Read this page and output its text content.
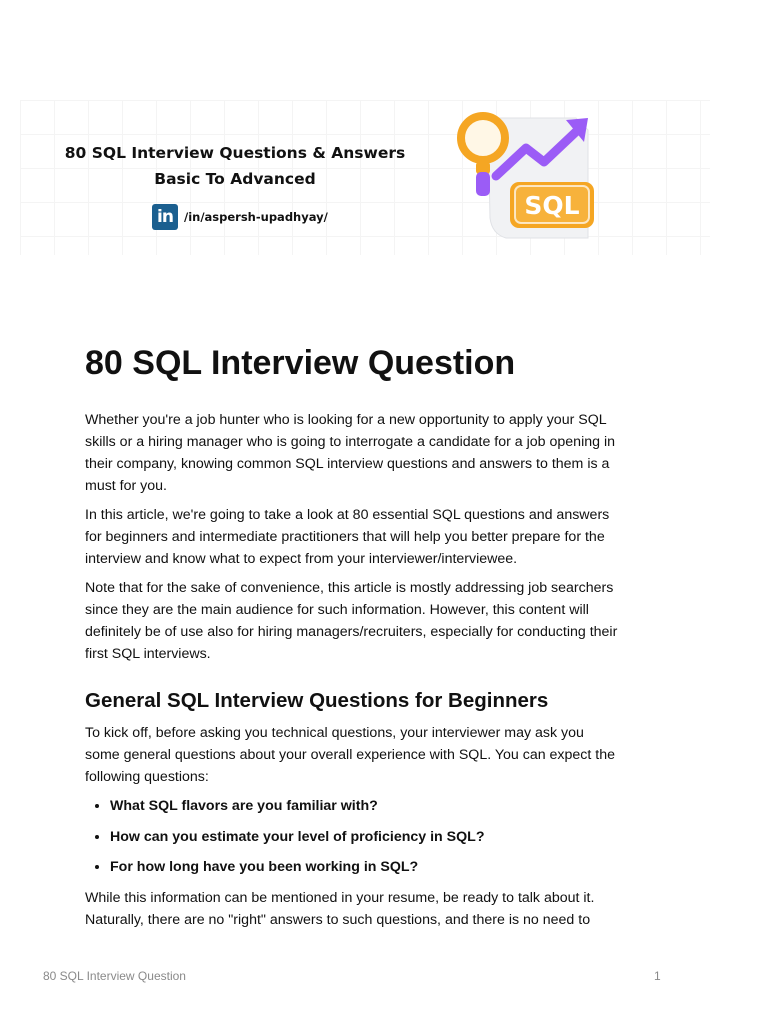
80 SQL Interview Questions & Answers
Basic To Advanced
in /in/aspersh-upadhyay/	SQL
80 SQL Interview Question

Whether you're a job hunter who is looking for a new opportunity to apply your SQL skills or a hiring manager who is going to interrogate a candidate for a job opening in their company, knowing common SQL interview questions and answers to them is a must for you.

In this article, we're going to take a look at 80 essential SQL questions and answers for beginners and intermediate practitioners that will help you better prepare for the interview and know what to expect from your interviewer/interviewee.

Note that for the sake of convenience, this article is mostly addressing job searchers since they are the main audience for such information. However, this content will definitely be of use also for hiring managers/recruiters, especially for conducting their first SQL interviews.

General SQL Interview Questions for Beginners

To kick off, before asking you technical questions, your interviewer may ask you some general questions about your overall experience with SQL. You can expect the following questions:

• What SQL flavors are you familiar with?
• How can you estimate your level of proficiency in SQL?
• For how long have you been working in SQL?

While this information can be mentioned in your resume, be ready to talk about it. Naturally, there are no "right" answers to such questions, and there is no need to

80 SQL Interview Question	1
